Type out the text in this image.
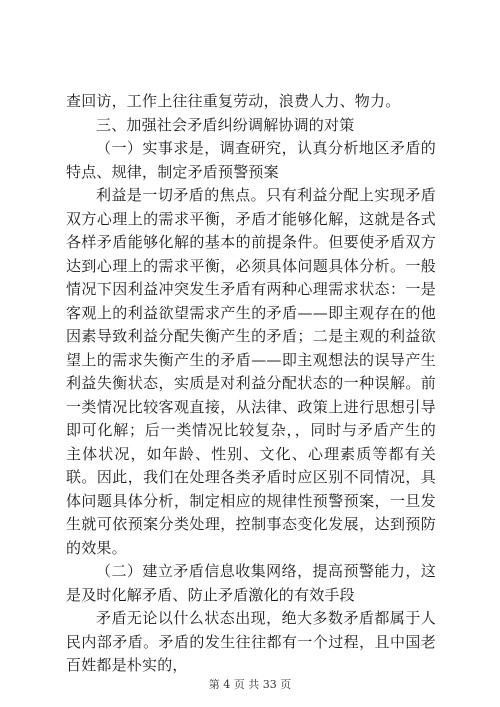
查回访，工作上往往重复劳动，浪费人力、物力。

三、加强社会矛盾纠纷调解协调的对策

（一）实事求是，调查研究，认真分析地区矛盾的特点、规律，制定矛盾预警预案

利益是一切矛盾的焦点。只有利益分配上实现矛盾双方心理上的需求平衡，矛盾才能够化解，这就是各式各样矛盾能够化解的基本的前提条件。但要使矛盾双方达到心理上的需求平衡，必须具体问题具体分析。一般情况下因利益冲突发生矛盾有两种心理需求状态：一是客观上的利益欲望需求产生的矛盾——即主观存在的他因素导致利益分配失衡产生的矛盾；二是主观的利益欲望上的需求失衡产生的矛盾——即主观想法的误导产生利益失衡状态，实质是对利益分配状态的一种误解。前一类情况比较客观直接，从法律、政策上进行思想引导即可化解；后一类情况比较复杂，，同时与矛盾产生的主体状况，如年龄、性别、文化、心理素质等都有关联。因此，我们在处理各类矛盾时应区别不同情况，具体问题具体分析，制定相应的规律性预警预案，一旦发生就可依预案分类处理，控制事态变化发展，达到预防的效果。

（二）建立矛盾信息收集网络，提高预警能力，这是及时化解矛盾、防止矛盾激化的有效手段

矛盾无论以什么状态出现，绝大多数矛盾都属于人民内部矛盾。矛盾的发生往往都有一个过程，且中国老百姓都是朴实的，

第 4 页 共 33 页
